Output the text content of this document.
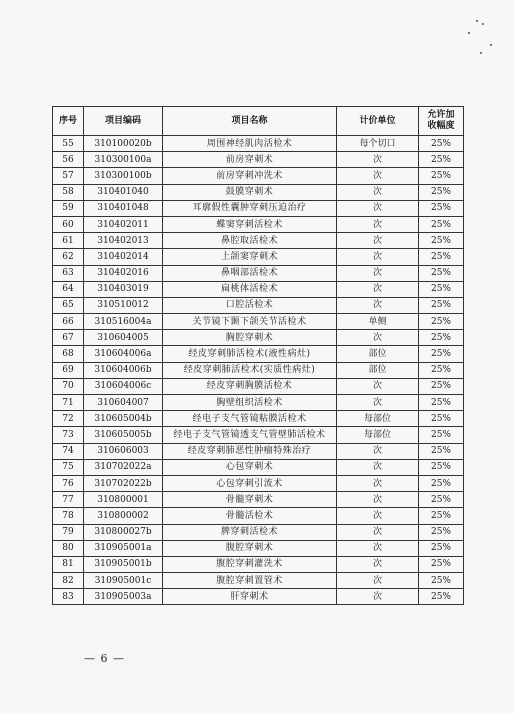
序号	项目编码	项目名称	计价单位	允许加
收幅度
55	310100020b	周围神经肌肉活检术	每个切口	25%
56	310300100a	前房穿刺术	次	25%
57	310300100b	前房穿刺冲洗术	次	25%
58	310401040	鼓膜穿刺术	次	25%
59	310401048	耳廓假性囊肿穿刺压迫治疗	次	25%
60	310402011	蝶窦穿刺活检术	次	25%
61	310402013	鼻腔取活检术	次	25%
62	310402014	上颌窦穿刺术	次	25%
63	310402016	鼻咽部活检术	次	25%
64	310403019	扁桃体活检术	次	25%
65	310510012	口腔活检术	次	25%
66	310516004a	关节镜下颞下颌关节活检术	单侧	25%
67	310604005	胸腔穿刺术	次	25%
68	310604006a	经皮穿刺肺活检术(液性病灶)	部位	25%
69	310604006b	经皮穿刺肺活检术(实质性病灶)	部位	25%
70	310604006c	经皮穿刺胸膜活检术	次	25%
71	310604007	胸壁组织活检术	次	25%
72	310605004b	经电子支气管镜粘膜活检术	每部位	25%
73	310605005b	经电子支气管镜透支气管壁肺活检术	每部位	25%
74	310606003	经皮穿刺肺恶性肿瘤特殊治疗	次	25%
75	310702022a	心包穿刺术	次	25%
76	310702022b	心包穿刺引流术	次	25%
77	310800001	骨髓穿刺术	次	25%
78	310800002	骨髓活检术	次	25%
79	310800027b	脾穿刺活检术	次	25%
80	310905001a	腹腔穿刺术	次	25%
81	310905001b	腹腔穿刺灌洗术	次	25%
82	310905001c	腹腔穿刺置管术	次	25%
83	310905003a	肝穿刺术	次	25%
— 6 —
